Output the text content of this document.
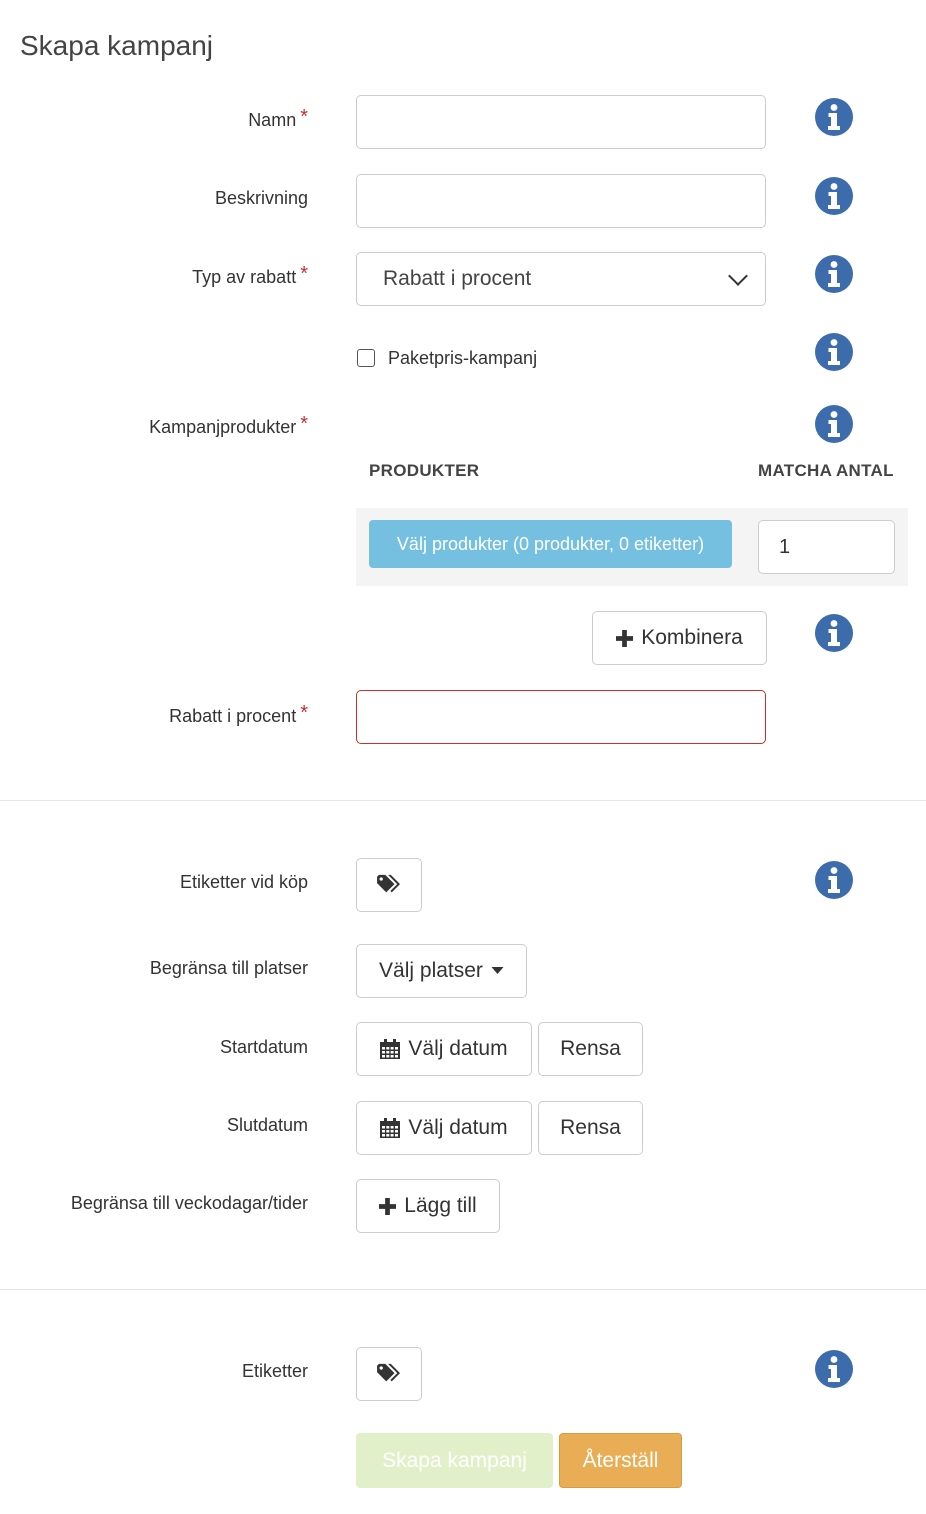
Skapa kampanj
Namn *
Beskrivning
Typ av rabatt *	Rabatt i procent
Paketpris-kampanj
Kampanjprodukter *
PRODUKTER	MATCHA ANTAL
Välj produkter (0 produkter, 0 etiketter)	1
Kombinera
Rabatt i procent *
Etiketter vid köp
Begränsa till platser	Välj platser
Startdatum	Välj datum	Rensa
Slutdatum	Välj datum	Rensa
Begränsa till veckodagar/tider	Lägg till
Etiketter
Skapa kampanj	Återställ
